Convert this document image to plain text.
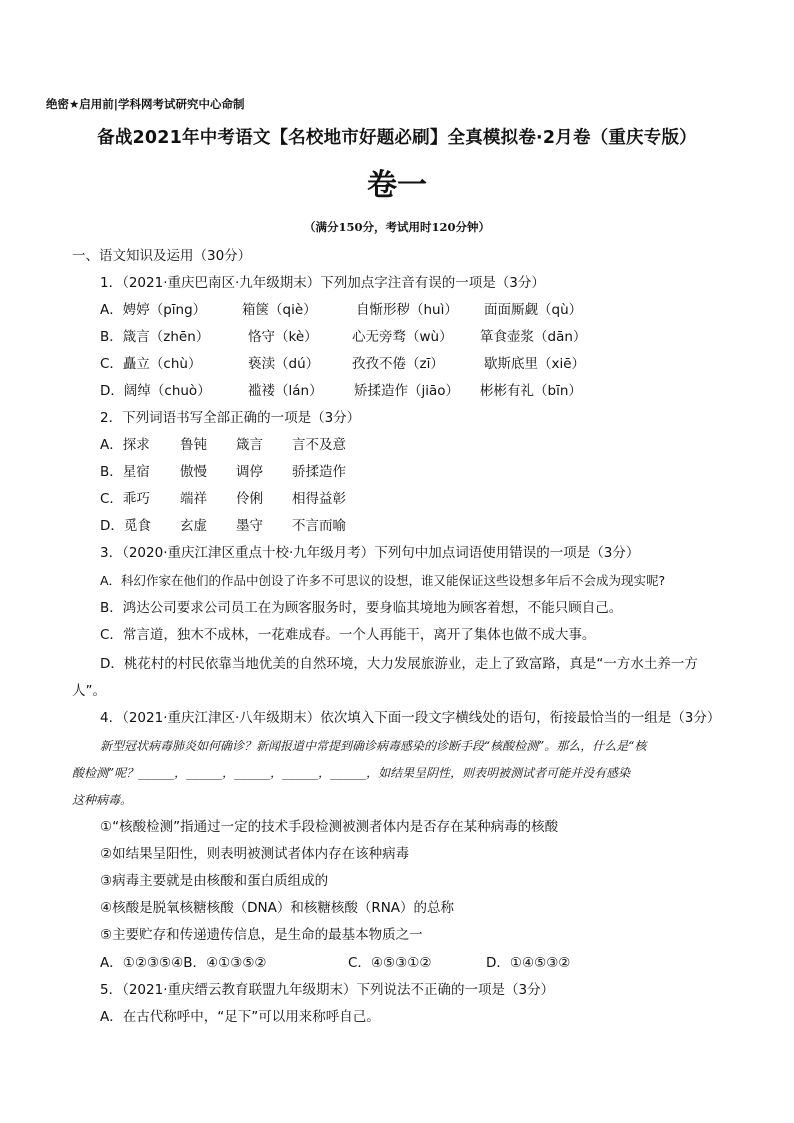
绝密★启用前|学科网考试研究中心命制
备战2021年中考语文【名校地市好题必刷】全真模拟卷·2月卷（重庆专版）
卷一
（满分150分，考试用时120分钟）
一、语文知识及运用（30分）
1．（2021·重庆巴南区·九年级期末）下列加点字注音有误的一项是（3分）
A．娉婷（pīng）	箱箧（qiè）	自惭形秽（huì） 面面厮觑（qù）
B．箴言（zhēn）	恪守（kè）	心无旁骛（wù） 箪食壶浆（dān）
C．矗立（chù）	亵渎（dú） 孜孜不倦（zī）	歇斯底里（xiē）
D．阔绰（chuò）	褴褛（lán） 矫揉造作（jiāo） 彬彬有礼（bīn）
2．下列词语书写全部正确的一项是（3分）
A．探求 鲁钝 箴言 言不及意
B．星宿 傲慢 调停 骄揉造作
C．乖巧 端祥 伶俐 相得益彰
D．觅食 玄虚 墨守 不言而喻
3．（2020·重庆江津区重点十校·九年级月考）下列句中加点词语使用错误的一项是（3分）
A．科幻作家在他们的作品中创设了许多不可思议的设想，谁又能保证这些设想多年后不会成为现实呢?
B．鸿达公司要求公司员工在为顾客服务时，要身临其境地为顾客着想，不能只顾自己。
C．常言道，独木不成林，一花难成春。一个人再能干，离开了集体也做不成大事。
D．桃花村的村民依靠当地优美的自然环境，大力发展旅游业，走上了致富路，真是“一方水土养一方
人”。
4．（2021·重庆江津区·八年级期末）依次填入下面一段文字横线处的语句，衔接最恰当的一组是（3分）
新型冠状病毒肺炎如何确诊？新闻报道中常提到确诊病毒感染的诊断手段“核酸检测”。那么，什么是“核
酸检测”呢？______，______，______，______，______，如结果呈阴性，则表明被测试者可能并没有感染
这种病毒。
①“核酸检测”指通过一定的技术手段检测被测者体内是否存在某种病毒的核酸
②如结果呈阳性，则表明被测试者体内存在该种病毒
③病毒主要就是由核酸和蛋白质组成的
④核酸是脱氧核糖核酸（DNA）和核糖核酸（RNA）的总称
⑤主要贮存和传递遗传信息，是生命的最基本物质之一
A．①②③⑤④B．④①③⑤②	C．④⑤③①②	D．①④⑤③②
5．（2021·重庆缙云教育联盟九年级期末）下列说法不正确的一项是（3分）
A．在古代称呼中，“足下”可以用来称呼自己。
